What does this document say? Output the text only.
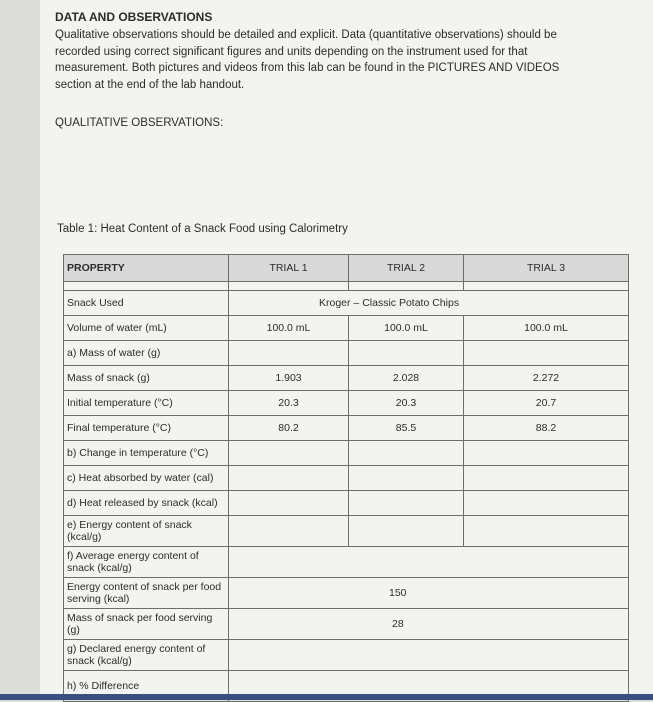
DATA AND OBSERVATIONS
Qualitative observations should be detailed and explicit. Data (quantitative observations) should be recorded using correct significant figures and units depending on the instrument used for that measurement. Both pictures and videos from this lab can be found in the PICTURES AND VIDEOS section at the end of the lab handout.
QUALITATIVE OBSERVATIONS:
Table 1: Heat Content of a Snack Food using Calorimetry
PROPERTY	TRIAL 1	TRIAL 2	TRIAL 3

Snack Used	Kroger – Classic Potato Chips		
Volume of water (mL)	100.0 mL	100.0 mL	100.0 mL
a) Mass of water (g)			
Mass of snack (g)	1.903	2.028	2.272
Initial temperature (°C)	20.3	20.3	20.7
Final temperature (°C)	80.2	85.5	88.2
b) Change in temperature (°C)			
c) Heat absorbed by water (cal)			
d) Heat released by snack (kcal)			
e) Energy content of snack (kcal/g)			
f) Average energy content of snack (kcal/g)			
Energy content of snack per food serving (kcal)	150		
Mass of snack per food serving (g)	28		
g) Declared energy content of snack (kcal/g)			
h) % Difference			
